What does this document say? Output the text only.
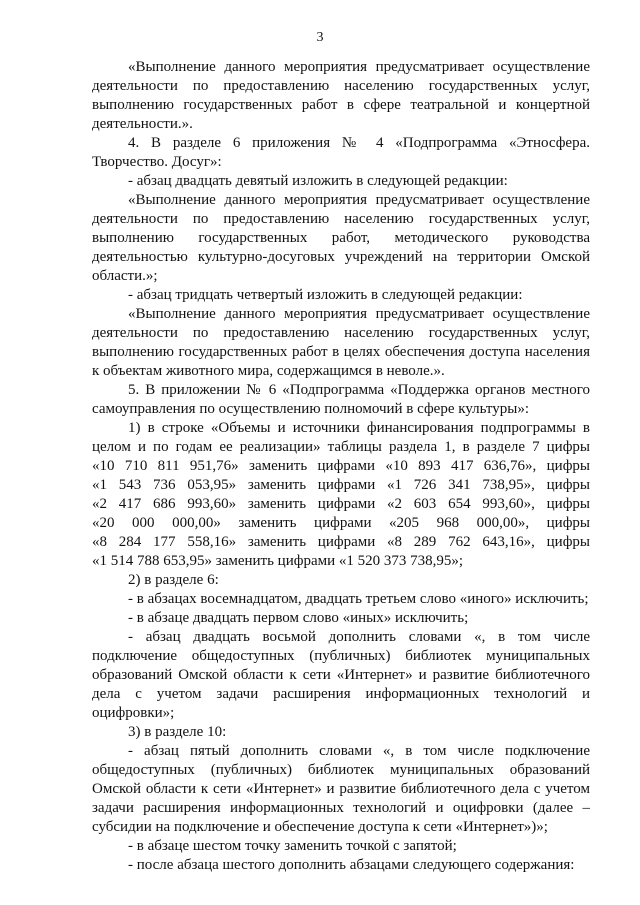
3
«Выполнение данного мероприятия предусматривает осуществление
деятельности по предоставлению населению государственных услуг,
выполнению государственных работ в сфере театральной и концертной
деятельности.».
4. В разделе 6 приложения № 4 «Подпрограмма «Этносфера.
Творчество. Досуг»:
- абзац двадцать девятый изложить в следующей редакции:
«Выполнение данного мероприятия предусматривает осуществление
деятельности по предоставлению населению государственных услуг,
выполнению государственных работ, методического руководства
деятельностью культурно-досуговых учреждений на территории Омской
области.»;
- абзац тридцать четвертый изложить в следующей редакции:
«Выполнение данного мероприятия предусматривает осуществление
деятельности по предоставлению населению государственных услуг,
выполнению государственных работ в целях обеспечения доступа населения
к объектам животного мира, содержащимся в неволе.».
5. В приложении № 6 «Подпрограмма «Поддержка органов местного
самоуправления по осуществлению полномочий в сфере культуры»:
1) в строке «Объемы и источники финансирования подпрограммы в
целом и по годам ее реализации» таблицы раздела 1, в разделе 7 цифры
«10 710 811 951,76» заменить цифрами «10 893 417 636,76», цифры
«1 543 736 053,95» заменить цифрами «1 726 341 738,95», цифры
«2 417 686 993,60» заменить цифрами «2 603 654 993,60», цифры
«20 000 000,00» заменить цифрами «205 968 000,00», цифры
«8 284 177 558,16» заменить цифрами «8 289 762 643,16», цифры
«1 514 788 653,95» заменить цифрами «1 520 373 738,95»;
2) в разделе 6:
- в абзацах восемнадцатом, двадцать третьем слово «иного» исключить;
- в абзаце двадцать первом слово «иных» исключить;
- абзац двадцать восьмой дополнить словами «, в том числе
подключение общедоступных (публичных) библиотек муниципальных
образований Омской области к сети «Интернет» и развитие библиотечного
дела с учетом задачи расширения информационных технологий и
оцифровки»;
3) в разделе 10:
- абзац пятый дополнить словами «, в том числе подключение
общедоступных (публичных) библиотек муниципальных образований
Омской области к сети «Интернет» и развитие библиотечного дела с учетом
задачи расширения информационных технологий и оцифровки (далее –
субсидии на подключение и обеспечение доступа к сети «Интернет»)»;
- в абзаце шестом точку заменить точкой с запятой;
- после абзаца шестого дополнить абзацами следующего содержания:
